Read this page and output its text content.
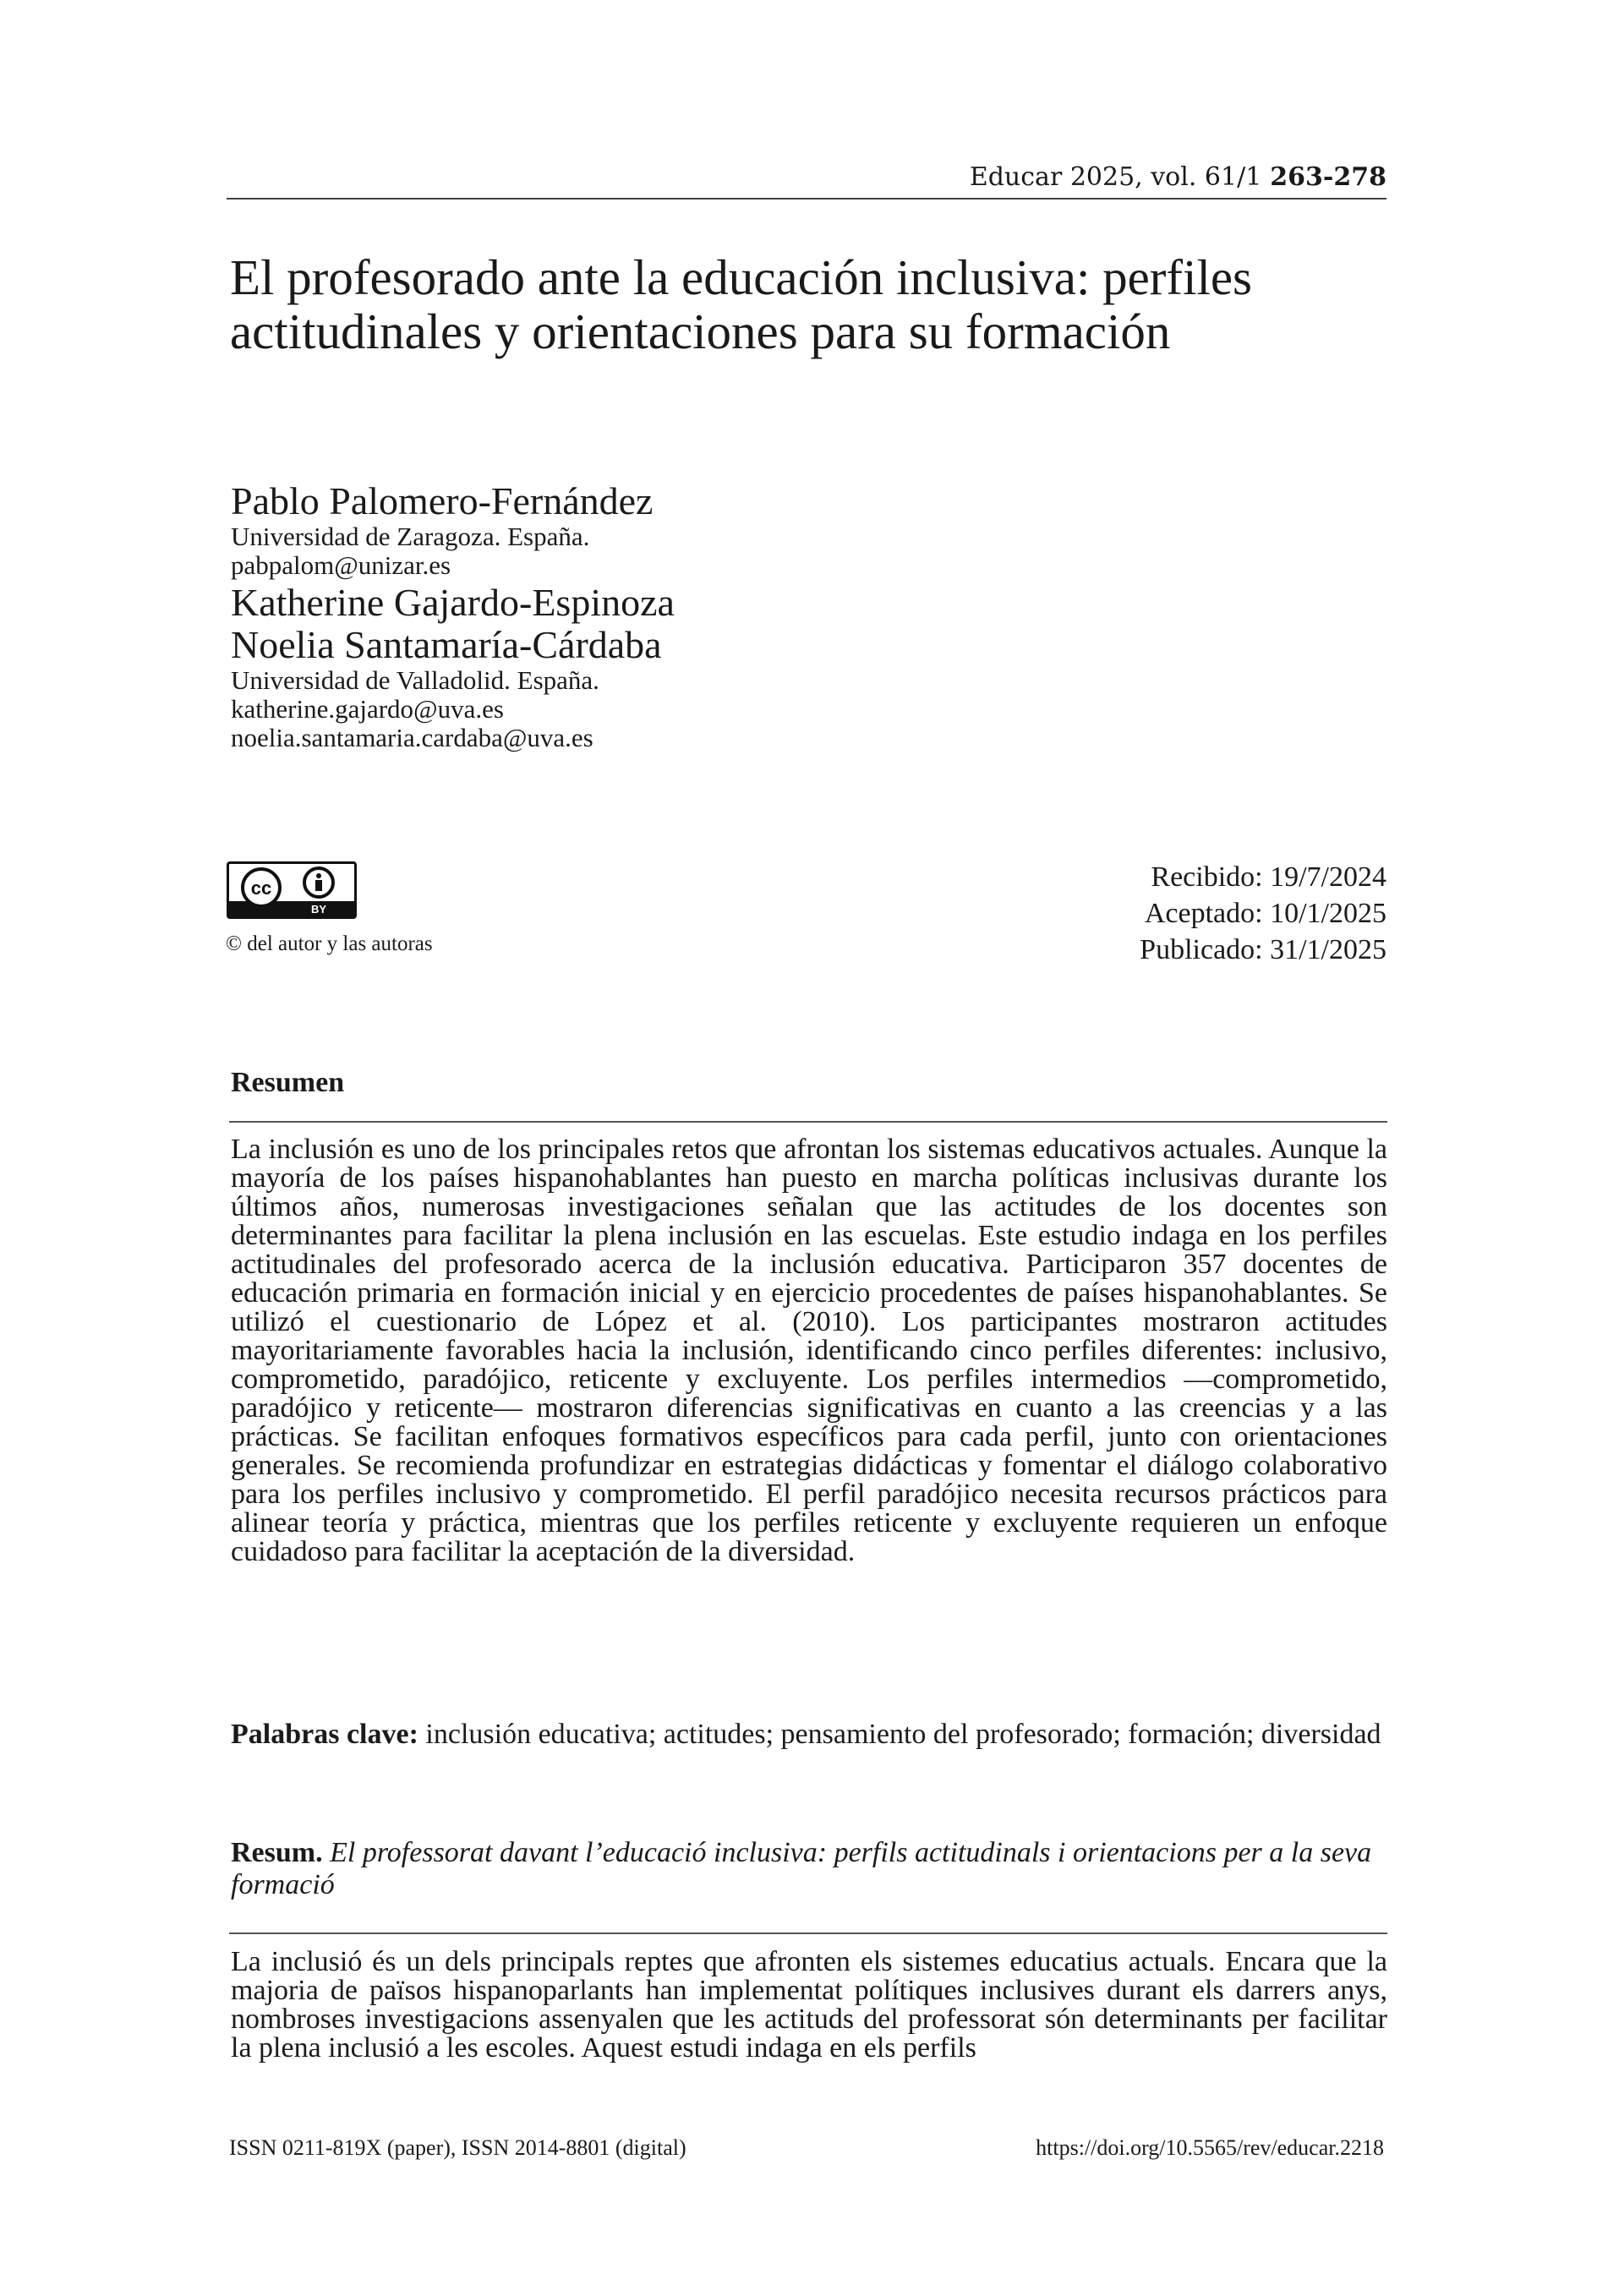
Educar 2025, vol. 61/1 263-278
El profesorado ante la educación inclusiva: perfiles actitudinales y orientaciones para su formación
Pablo Palomero-Fernández
Universidad de Zaragoza. España.
pabpalom@unizar.es
Katherine Gajardo-Espinoza
Noelia Santamaría-Cárdaba
Universidad de Valladolid. España.
katherine.gajardo@uva.es
noelia.santamaria.cardaba@uva.es
cc
BY
© del autor y las autoras
Recibido: 19/7/2024
Aceptado: 10/1/2025
Publicado: 31/1/2025
Resumen

La inclusión es uno de los principales retos que afrontan los sistemas educativos actuales. Aunque la mayoría de los países hispanohablantes han puesto en marcha políticas inclusivas durante los últimos años, numerosas investigaciones señalan que las actitudes de los docentes son determinantes para facilitar la plena inclusión en las escuelas. Este estudio indaga en los perfiles actitudinales del profesorado acerca de la inclusión educativa. Participaron 357 docentes de educación primaria en formación inicial y en ejercicio procedentes de países hispanohablantes. Se utilizó el cuestionario de López et al. (2010). Los participantes mostraron actitudes mayoritariamente favorables hacia la inclusión, identificando cinco perfiles diferentes: inclusivo, comprometido, paradójico, reticente y excluyente. Los perfiles intermedios —comprometido, paradójico y reticente— mostraron diferencias significativas en cuanto a las creencias y a las prácticas. Se facilitan enfoques formativos específicos para cada perfil, junto con orientaciones generales. Se recomienda profundizar en estrategias didácticas y fomentar el diálogo colaborativo para los perfiles inclusivo y comprometido. El perfil paradójico necesita recursos prácticos para alinear teoría y práctica, mientras que los perfiles reticente y excluyente requieren un enfoque cuidadoso para facilitar la aceptación de la diversidad.

Palabras clave: inclusión educativa; actitudes; pensamiento del profesorado; formación; diversidad

Resum. El professorat davant l’educació inclusiva: perfils actitudinals i orientacions per a la seva formació

La inclusió és un dels principals reptes que afronten els sistemes educatius actuals. Encara que la majoria de països hispanoparlants han implementat polítiques inclusives durant els darrers anys, nombroses investigacions assenyalen que les actituds del professorat són determinants per facilitar la plena inclusió a les escoles. Aquest estudi indaga en els perfils

ISSN 0211-819X (paper), ISSN 2014-8801 (digital)	https://doi.org/10.5565/rev/educar.2218
